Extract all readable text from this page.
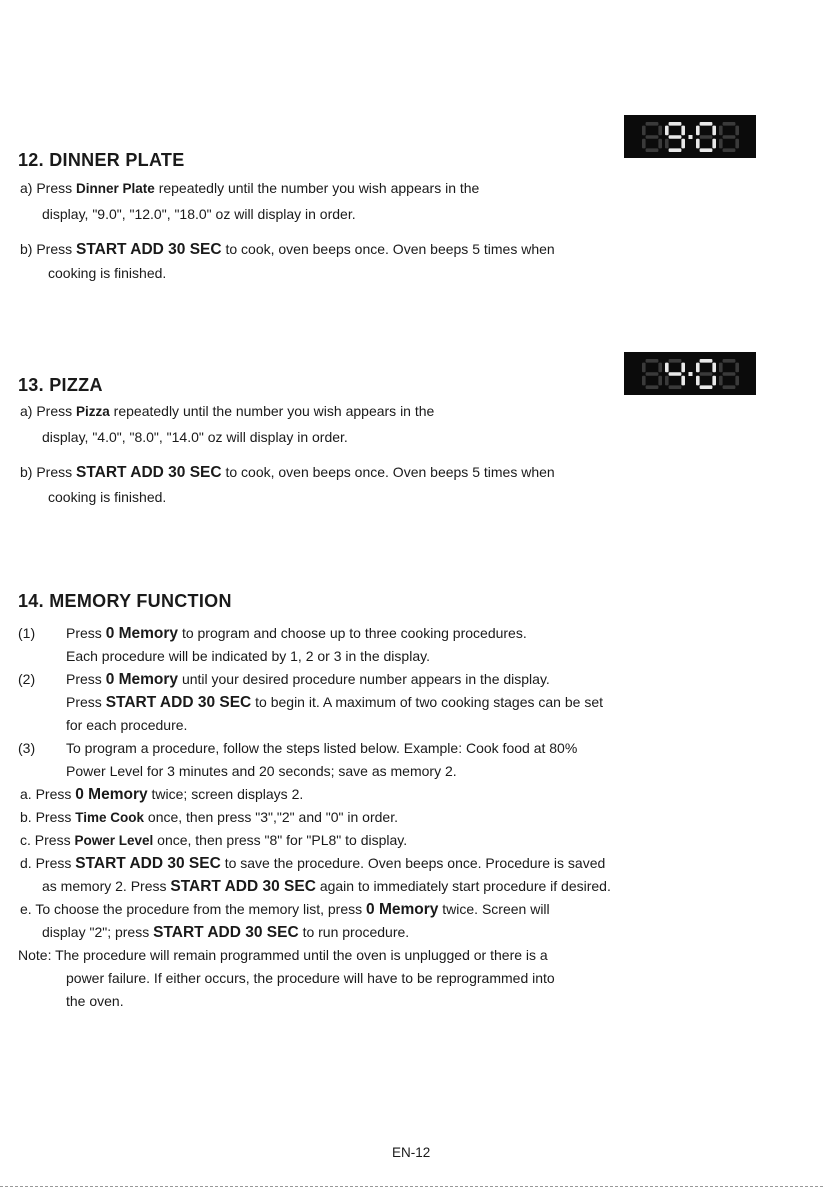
12. DINNER PLATE
a) Press Dinner Plate repeatedly until the number you wish appears in the
display, "9.0", "12.0", "18.0" oz will display in order.
b) Press START ADD 30 SEC to cook, oven beeps once. Oven beeps 5 times when
cooking is finished.
13. PIZZA
a) Press Pizza repeatedly until the number you wish appears in the
display, "4.0", "8.0", "14.0" oz will display in order.
b) Press START ADD 30 SEC to cook, oven beeps once. Oven beeps 5 times when
cooking is finished.
14. MEMORY FUNCTION
(1) Press 0 Memory to program and choose up to three cooking procedures.
Each procedure will be indicated by 1, 2 or 3 in the display.
(2) Press 0 Memory until your desired procedure number appears in the display.
Press START ADD 30 SEC to begin it. A maximum of two cooking stages can be set
for each procedure.
(3) To program a procedure, follow the steps listed below. Example: Cook food at 80%
Power Level for 3 minutes and 20 seconds; save as memory 2.
a. Press 0 Memory twice; screen displays 2.
b. Press Time Cook once, then press "3","2" and "0" in order.
c. Press Power Level once, then press "8" for "PL8" to display.
d. Press START ADD 30 SEC to save the procedure. Oven beeps once. Procedure is saved
as memory 2. Press START ADD 30 SEC again to immediately start procedure if desired.
e. To choose the procedure from the memory list, press 0 Memory twice. Screen will
display "2"; press START ADD 30 SEC to run procedure.
Note: The procedure will remain programmed until the oven is unplugged or there is a
power failure. If either occurs, the procedure will have to be reprogrammed into
the oven.
EN-12
